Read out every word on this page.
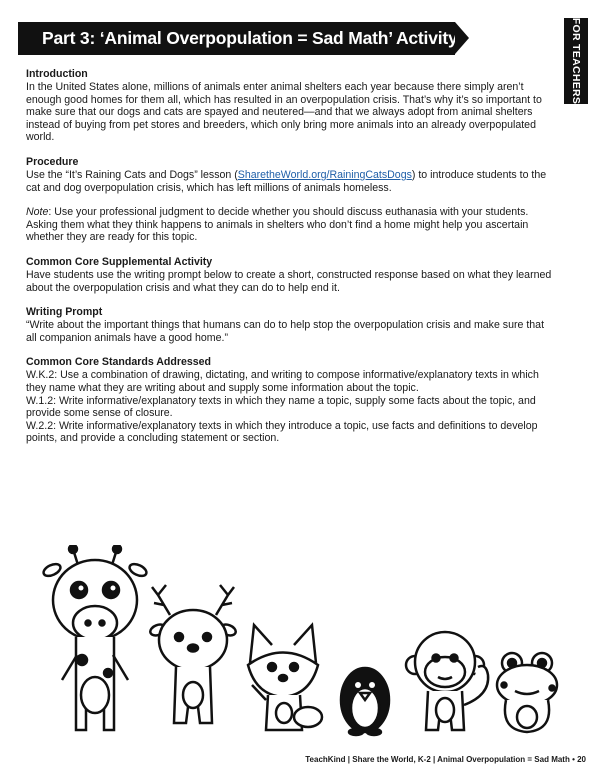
Part 3: ‘Animal Overpopulation = Sad Math’ Activity	FOR TEACHERS
Introduction

In the United States alone, millions of animals enter animal shelters each year because there simply aren’t enough good homes for them all, which has resulted in an overpopulation crisis. That’s why it’s so important to make sure that our dogs and cats are spayed and neutered—and that we always adopt from animal shelters instead of buying from pet stores and breeders, which only bring more animals into an already overpopulated world.

Procedure

Use the “It’s Raining Cats and Dogs” lesson (SharetheWorld.org/RainingCatsDogs) to introduce students to the cat and dog overpopulation crisis, which has left millions of animals homeless.

Note: Use your professional judgment to decide whether you should discuss euthanasia with your students. Asking them what they think happens to animals in shelters who don’t find a home might help you ascertain whether they are ready for this topic.

Common Core Supplemental Activity

Have students use the writing prompt below to create a short, constructed response based on what they learned about the overpopulation crisis and what they can do to help end it.

Writing Prompt

“Write about the important things that humans can do to help stop the overpopulation crisis and make sure that all companion animals have a good home.”

Common Core Standards Addressed

W.K.2: Use a combination of drawing, dictating, and writing to compose informative/explanatory texts in which they name what they are writing about and supply some information about the topic.

W.1.2: Write informative/explanatory texts in which they name a topic, supply some facts about the topic, and provide some sense of closure.

W.2.2: Write informative/explanatory texts in which they introduce a topic, use facts and definitions to develop points, and provide a concluding statement or section.

TeachKind | Share the World, K-2 | Animal Overpopulation = Sad Math • 20
